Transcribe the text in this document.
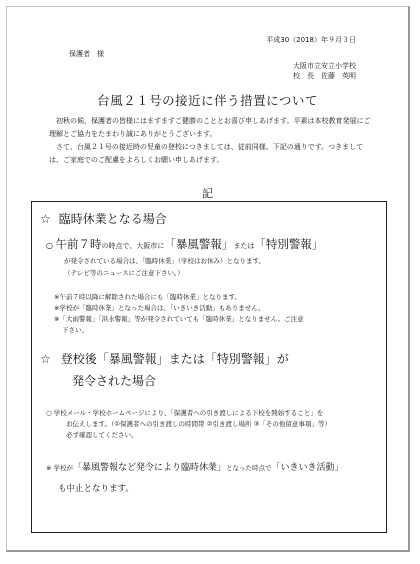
平成30（2018）年９月３日
保護者　様
大阪市立安立小学校
校　長　佐藤　英明
台風２１号の接近に伴う措置について
初秋の候、保護者の皆様にはますますご健勝のこととお喜び申しあげます。平素は本校教育発展にご理解とご協力をたまわり誠にありがとうございます。
さて、台風２１号の接近時の児童の登校につきましては、従前同様、下記の通りです。つきましては、ご家庭でのご配慮をよろしくお願い申しあげます。
記
☆ 臨時休業となる場合
○ 午前７時の時点で、大阪市に「暴風警報」または「特別警報」
が発令されている場合は、「臨時休業」（学校はお休み）となります。
（テレビ等のニュースにご注意下さい。）
※午前７時以降に解除された場合にも「臨時休業」となります。
※学校が「臨時休業」となった場合は、「いきいき活動」もありません。
※「大雨警報」「洪水警報」等が発令されていても「臨時休業」となりません。ご注意
下さい。
☆ 登校後「暴風警報」または「特別警報」が
発令された場合
○ 学校メール・学校ホームページにより、「保護者への引き渡しによる下校を開始すること」を
お伝えします。（①保護者への引き渡しの時間帯 ②引き渡し場所 ③「その他留意事項」等）
必ず確認してください。
※ 学校が「暴風警報など発令により臨時休業」となった時点で「いきいき活動」
も中止となります。
